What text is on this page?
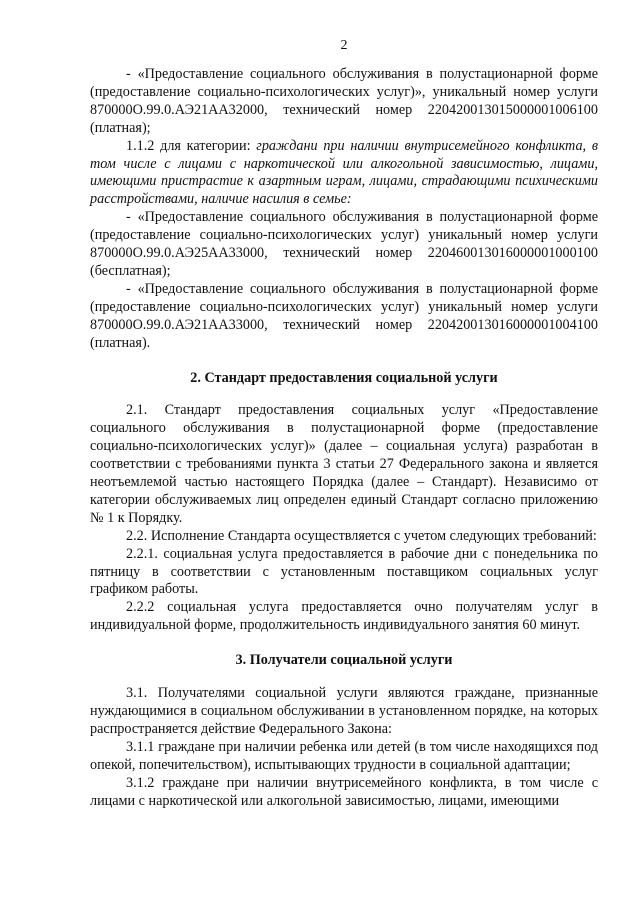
2

- «Предоставление социального обслуживания в полустационарной форме (предоставление социально-психологических услуг)», уникальный номер услуги 870000О.99.0.АЭ21АА32000, технический номер 220420013015000001006100 (платная);

1.1.2 для категории: граждани при наличии внутрисемейного конфликта, в том числе с лицами с наркотической или алкогольной зависимостью, лицами, имеющими пристрастие к азартным играм, лицами, страдающими психическими расстройствами, наличие насилия в семье:

- «Предоставление социального обслуживания в полустационарной форме (предоставление социально-психологических услуг) уникальный номер услуги 870000О.99.0.АЭ25АА33000, технический номер 220460013016000001000100 (бесплатная);

- «Предоставление социального обслуживания в полустационарной форме (предоставление социально-психологических услуг) уникальный номер услуги 870000О.99.0.АЭ21АА33000, технический номер 220420013016000001004100 (платная).

2. Стандарт предоставления социальной услуги

2.1. Стандарт предоставления социальных услуг «Предоставление социального обслуживания в полустационарной форме (предоставление социально-психологических услуг)» (далее – социальная услуга) разработан в соответствии с требованиями пункта 3 статьи 27 Федерального закона и является неотъемлемой частью настоящего Порядка (далее – Стандарт). Независимо от категории обслуживаемых лиц определен единый Стандарт согласно приложению № 1 к Порядку.

2.2. Исполнение Стандарта осуществляется с учетом следующих требований:

2.2.1. социальная услуга предоставляется в рабочие дни с понедельника по пятницу в соответствии с установленным поставщиком социальных услуг графиком работы.

2.2.2 социальная услуга предоставляется очно получателям услуг в индивидуальной форме, продолжительность индивидуального занятия 60 минут.

3. Получатели социальной услуги

3.1. Получателями социальной услуги являются граждане, признанные нуждающимися в социальном обслуживании в установленном порядке, на которых распространяется действие Федерального Закона:

3.1.1 граждане при наличии ребенка или детей (в том числе находящихся под опекой, попечительством), испытывающих трудности в социальной адаптации;

3.1.2 граждане при наличии внутрисемейного конфликта, в том числе с лицами с наркотической или алкогольной зависимостью, лицами, имеющими
